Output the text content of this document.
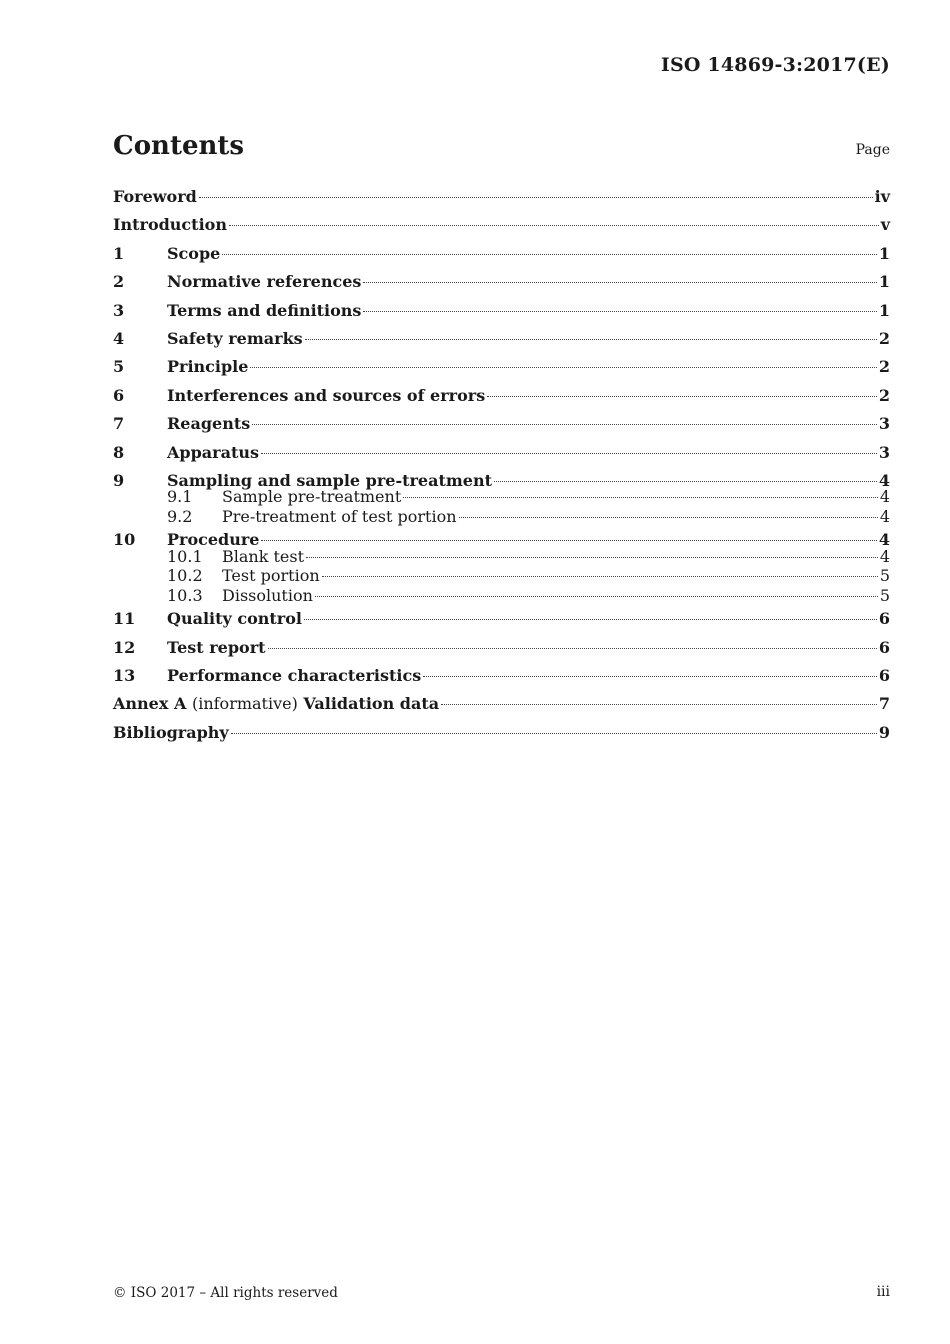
ISO 14869-3:2017(E)
Contents	Page
Foreword	iv
Introduction	v
1	Scope	1
2	Normative references	1
3	Terms and definitions	1
4	Safety remarks	2
5	Principle	2
6	Interferences and sources of errors	2
7	Reagents	3
8	Apparatus	3
9	Sampling and sample pre-treatment	4
9.1	Sample pre-treatment	4
9.2	Pre-treatment of test portion	4
10	Procedure	4
10.1	Blank test	4
10.2	Test portion	5
10.3	Dissolution	5
11	Quality control	6
12	Test report	6
13	Performance characteristics	6
Annex A (informative) Validation data	7
Bibliography	9
© ISO 2017 – All rights reserved	iii
